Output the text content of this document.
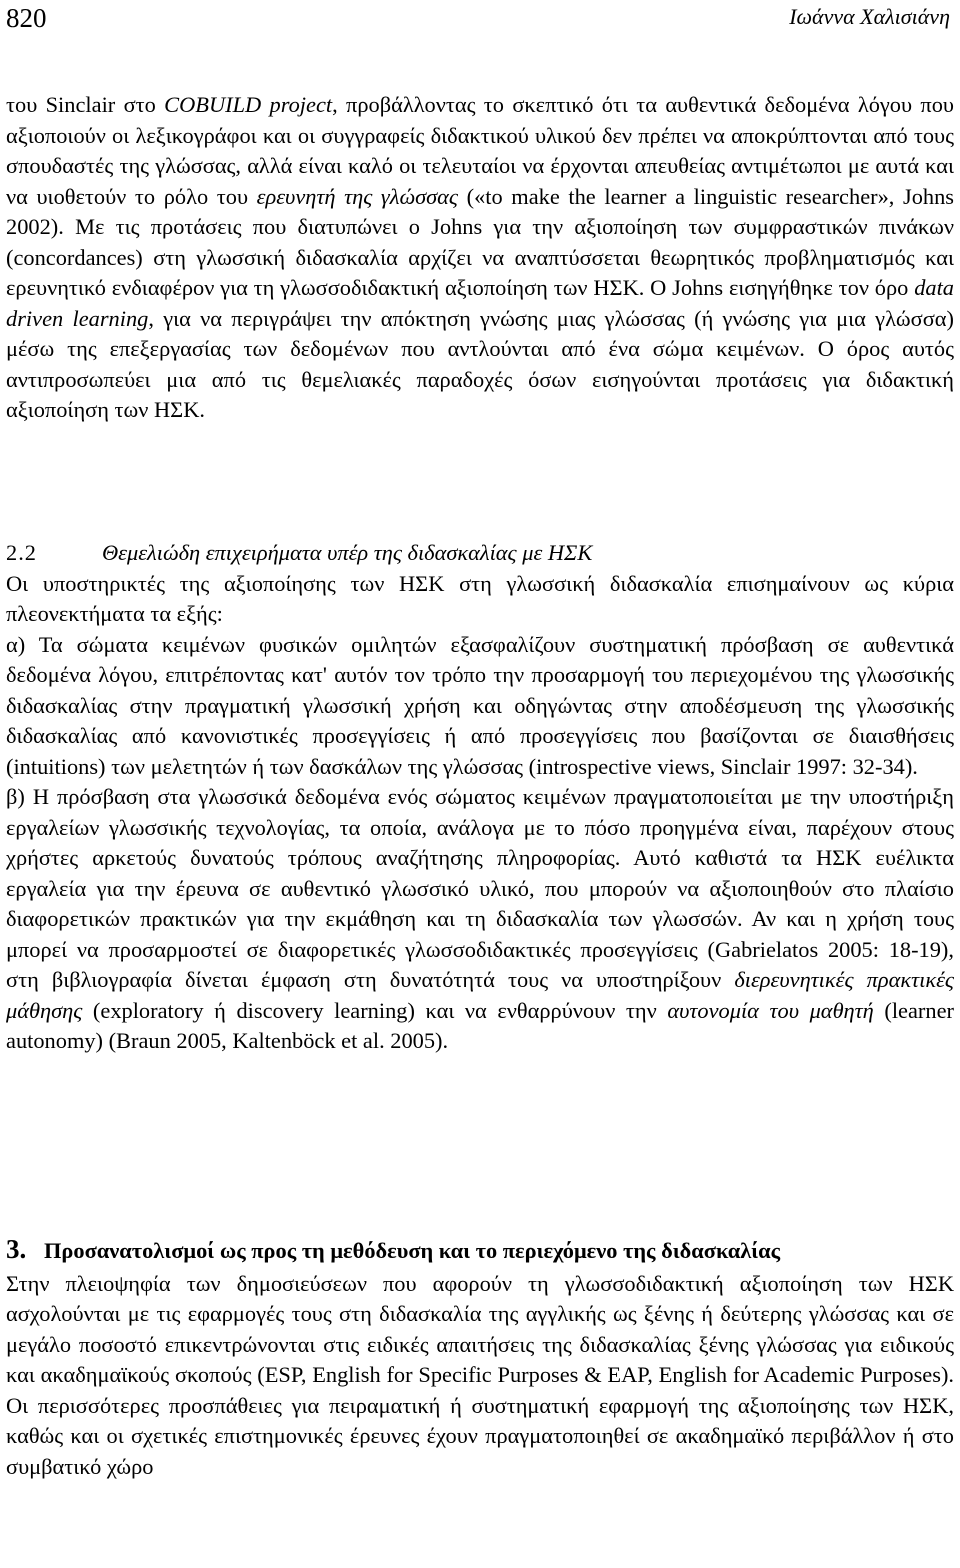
820	Ιωάννα Χαλισιάνη

του Sinclair στο COBUILD project, προβάλλοντας το σκεπτικό ότι τα αυθεντικά δεδομένα λόγου που αξιοποιούν οι λεξικογράφοι και οι συγγραφείς διδακτικού υλικού δεν πρέπει να αποκρύπτονται από τους σπουδαστές της γλώσσας, αλλά είναι καλό οι τελευταίοι να έρχονται απευθείας αντιμέτωποι με αυτά και να υιοθετούν το ρόλο του ερευνητή της γλώσσας («to make the learner a linguistic researcher», Johns 2002). Με τις προτάσεις που διατυπώνει ο Johns για την αξιοποίηση των συμφραστικών πινάκων (concordances) στη γλωσσική διδασκαλία αρχίζει να αναπτύσσεται θεωρητικός προβληματισμός και ερευνητικό ενδιαφέρον για τη γλωσσοδιδακτική αξιοποίηση των ΗΣΚ. Ο Johns εισηγήθηκε τον όρο data driven learning, για να περιγράψει την απόκτηση γνώσης μιας γλώσσας (ή γνώσης για μια γλώσσα) μέσω της επεξεργασίας των δεδομένων που αντλούνται από ένα σώμα κειμένων. Ο όρος αυτός αντιπροσωπεύει μια από τις θεμελιακές παραδοχές όσων εισηγούνται προτάσεις για διδακτική αξιοποίηση των ΗΣΚ.

2.2	Θεμελιώδη επιχειρήματα υπέρ της διδασκαλίας με ΗΣΚ

Οι υποστηρικτές της αξιοποίησης των ΗΣΚ στη γλωσσική διδασκαλία επισημαίνουν ως κύρια πλεονεκτήματα τα εξής:

α) Τα σώματα κειμένων φυσικών ομιλητών εξασφαλίζουν συστηματική πρόσβαση σε αυθεντικά δεδομένα λόγου, επιτρέποντας κατ' αυτόν τον τρόπο την προσαρμογή του περιεχομένου της γλωσσικής διδασκαλίας στην πραγματική γλωσσική χρήση και οδηγώντας στην αποδέσμευση της γλωσσικής διδασκαλίας από κανονιστικές προσεγγίσεις ή από προσεγγίσεις που βασίζονται σε διαισθήσεις (intuitions) των μελετητών ή των δασκάλων της γλώσσας (introspective views, Sinclair 1997: 32-34).

β) Η πρόσβαση στα γλωσσικά δεδομένα ενός σώματος κειμένων πραγματοποιείται με την υποστήριξη εργαλείων γλωσσικής τεχνολογίας, τα οποία, ανάλογα με το πόσο προηγμένα είναι, παρέχουν στους χρήστες αρκετούς δυνατούς τρόπους αναζήτησης πληροφορίας. Αυτό καθιστά τα ΗΣΚ ευέλικτα εργαλεία για την έρευνα σε αυθεντικό γλωσσικό υλικό, που μπορούν να αξιοποιηθούν στο πλαίσιο διαφορετικών πρακτικών για την εκμάθηση και τη διδασκαλία των γλωσσών. Αν και η χρήση τους μπορεί να προσαρμοστεί σε διαφορετικές γλωσσοδιδακτικές προσεγγίσεις (Gabrielatos 2005: 18-19), στη βιβλιογραφία δίνεται έμφαση στη δυνατότητά τους να υποστηρίξουν διερευνητικές πρακτικές μάθησης (exploratory ή discovery learning) και να ενθαρρύνουν την αυτονομία του μαθητή (learner autonomy) (Braun 2005, Kaltenböck et al. 2005).

3. Προσανατολισμοί ως προς τη μεθόδευση και το περιεχόμενο της διδασκαλίας

Στην πλειοψηφία των δημοσιεύσεων που αφορούν τη γλωσσοδιδακτική αξιοποίηση των ΗΣΚ ασχολούνται με τις εφαρμογές τους στη διδασκαλία της αγγλικής ως ξένης ή δεύτερης γλώσσας και σε μεγάλο ποσοστό επικεντρώνονται στις ειδικές απαιτήσεις της διδασκαλίας ξένης γλώσσας για ειδικούς και ακαδημαϊκούς σκοπούς (ESP, English for Specific Purposes & EAP, English for Academic Purposes). Οι περισσότερες προσπάθειες για πειραματική ή συστηματική εφαρμογή της αξιοποίησης των ΗΣΚ, καθώς και οι σχετικές επιστημονικές έρευνες έχουν πραγματοποιηθεί σε ακαδημαϊκό περιβάλλον ή στο συμβατικό χώρο
